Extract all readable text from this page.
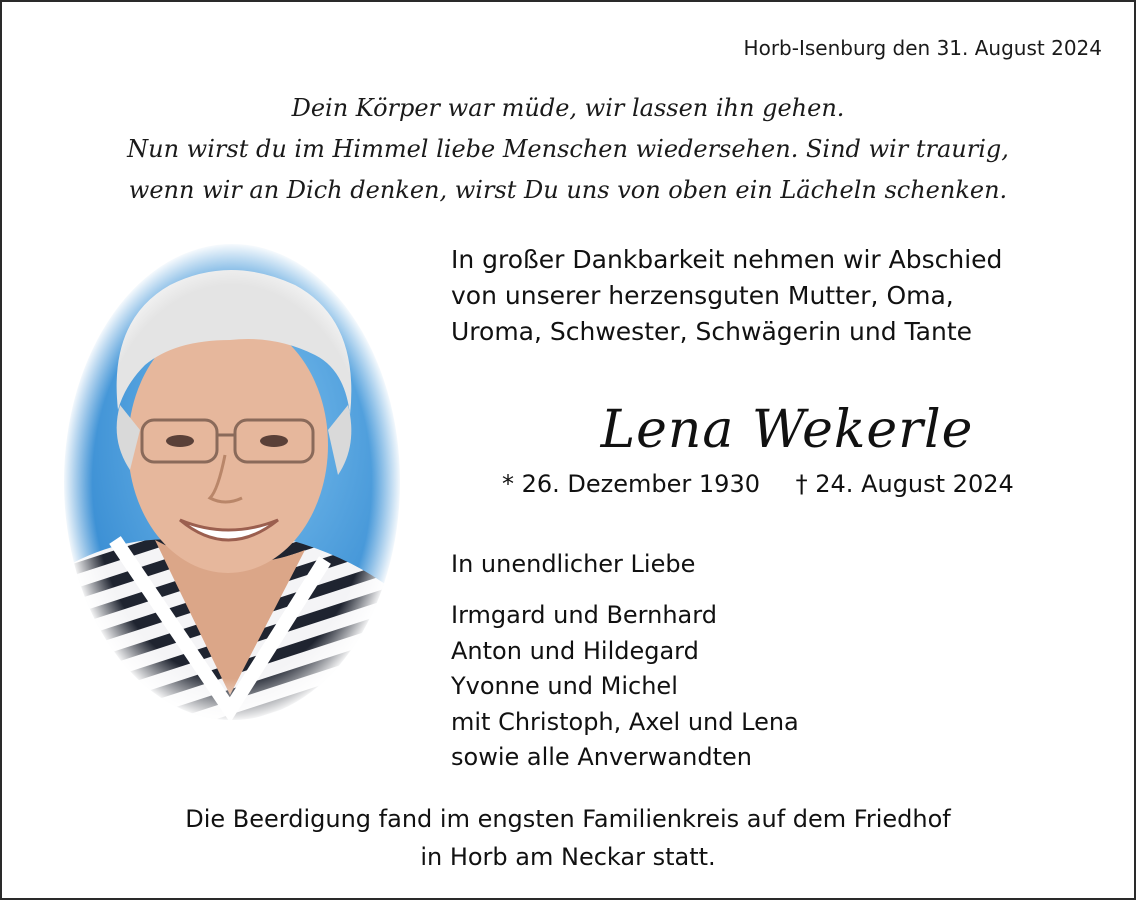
Horb-Isenburg den 31. August 2024
Dein Körper war müde, wir lassen ihn gehen.
Nun wirst du im Himmel liebe Menschen wiedersehen. Sind wir traurig,
wenn wir an Dich denken, wirst Du uns von oben ein Lächeln schenken.
In großer Dankbarkeit nehmen wir Abschied
von unserer herzensguten Mutter, Oma,
Uroma, Schwester, Schwägerin und Tante
Lena Wekerle
* 26. Dezember 1930 † 24. August 2024
In unendlicher Liebe
Irmgard und Bernhard
Anton und Hildegard
Yvonne und Michel
mit Christoph, Axel und Lena
sowie alle Anverwandten
Die Beerdigung fand im engsten Familienkreis auf dem Friedhof
in Horb am Neckar statt.
